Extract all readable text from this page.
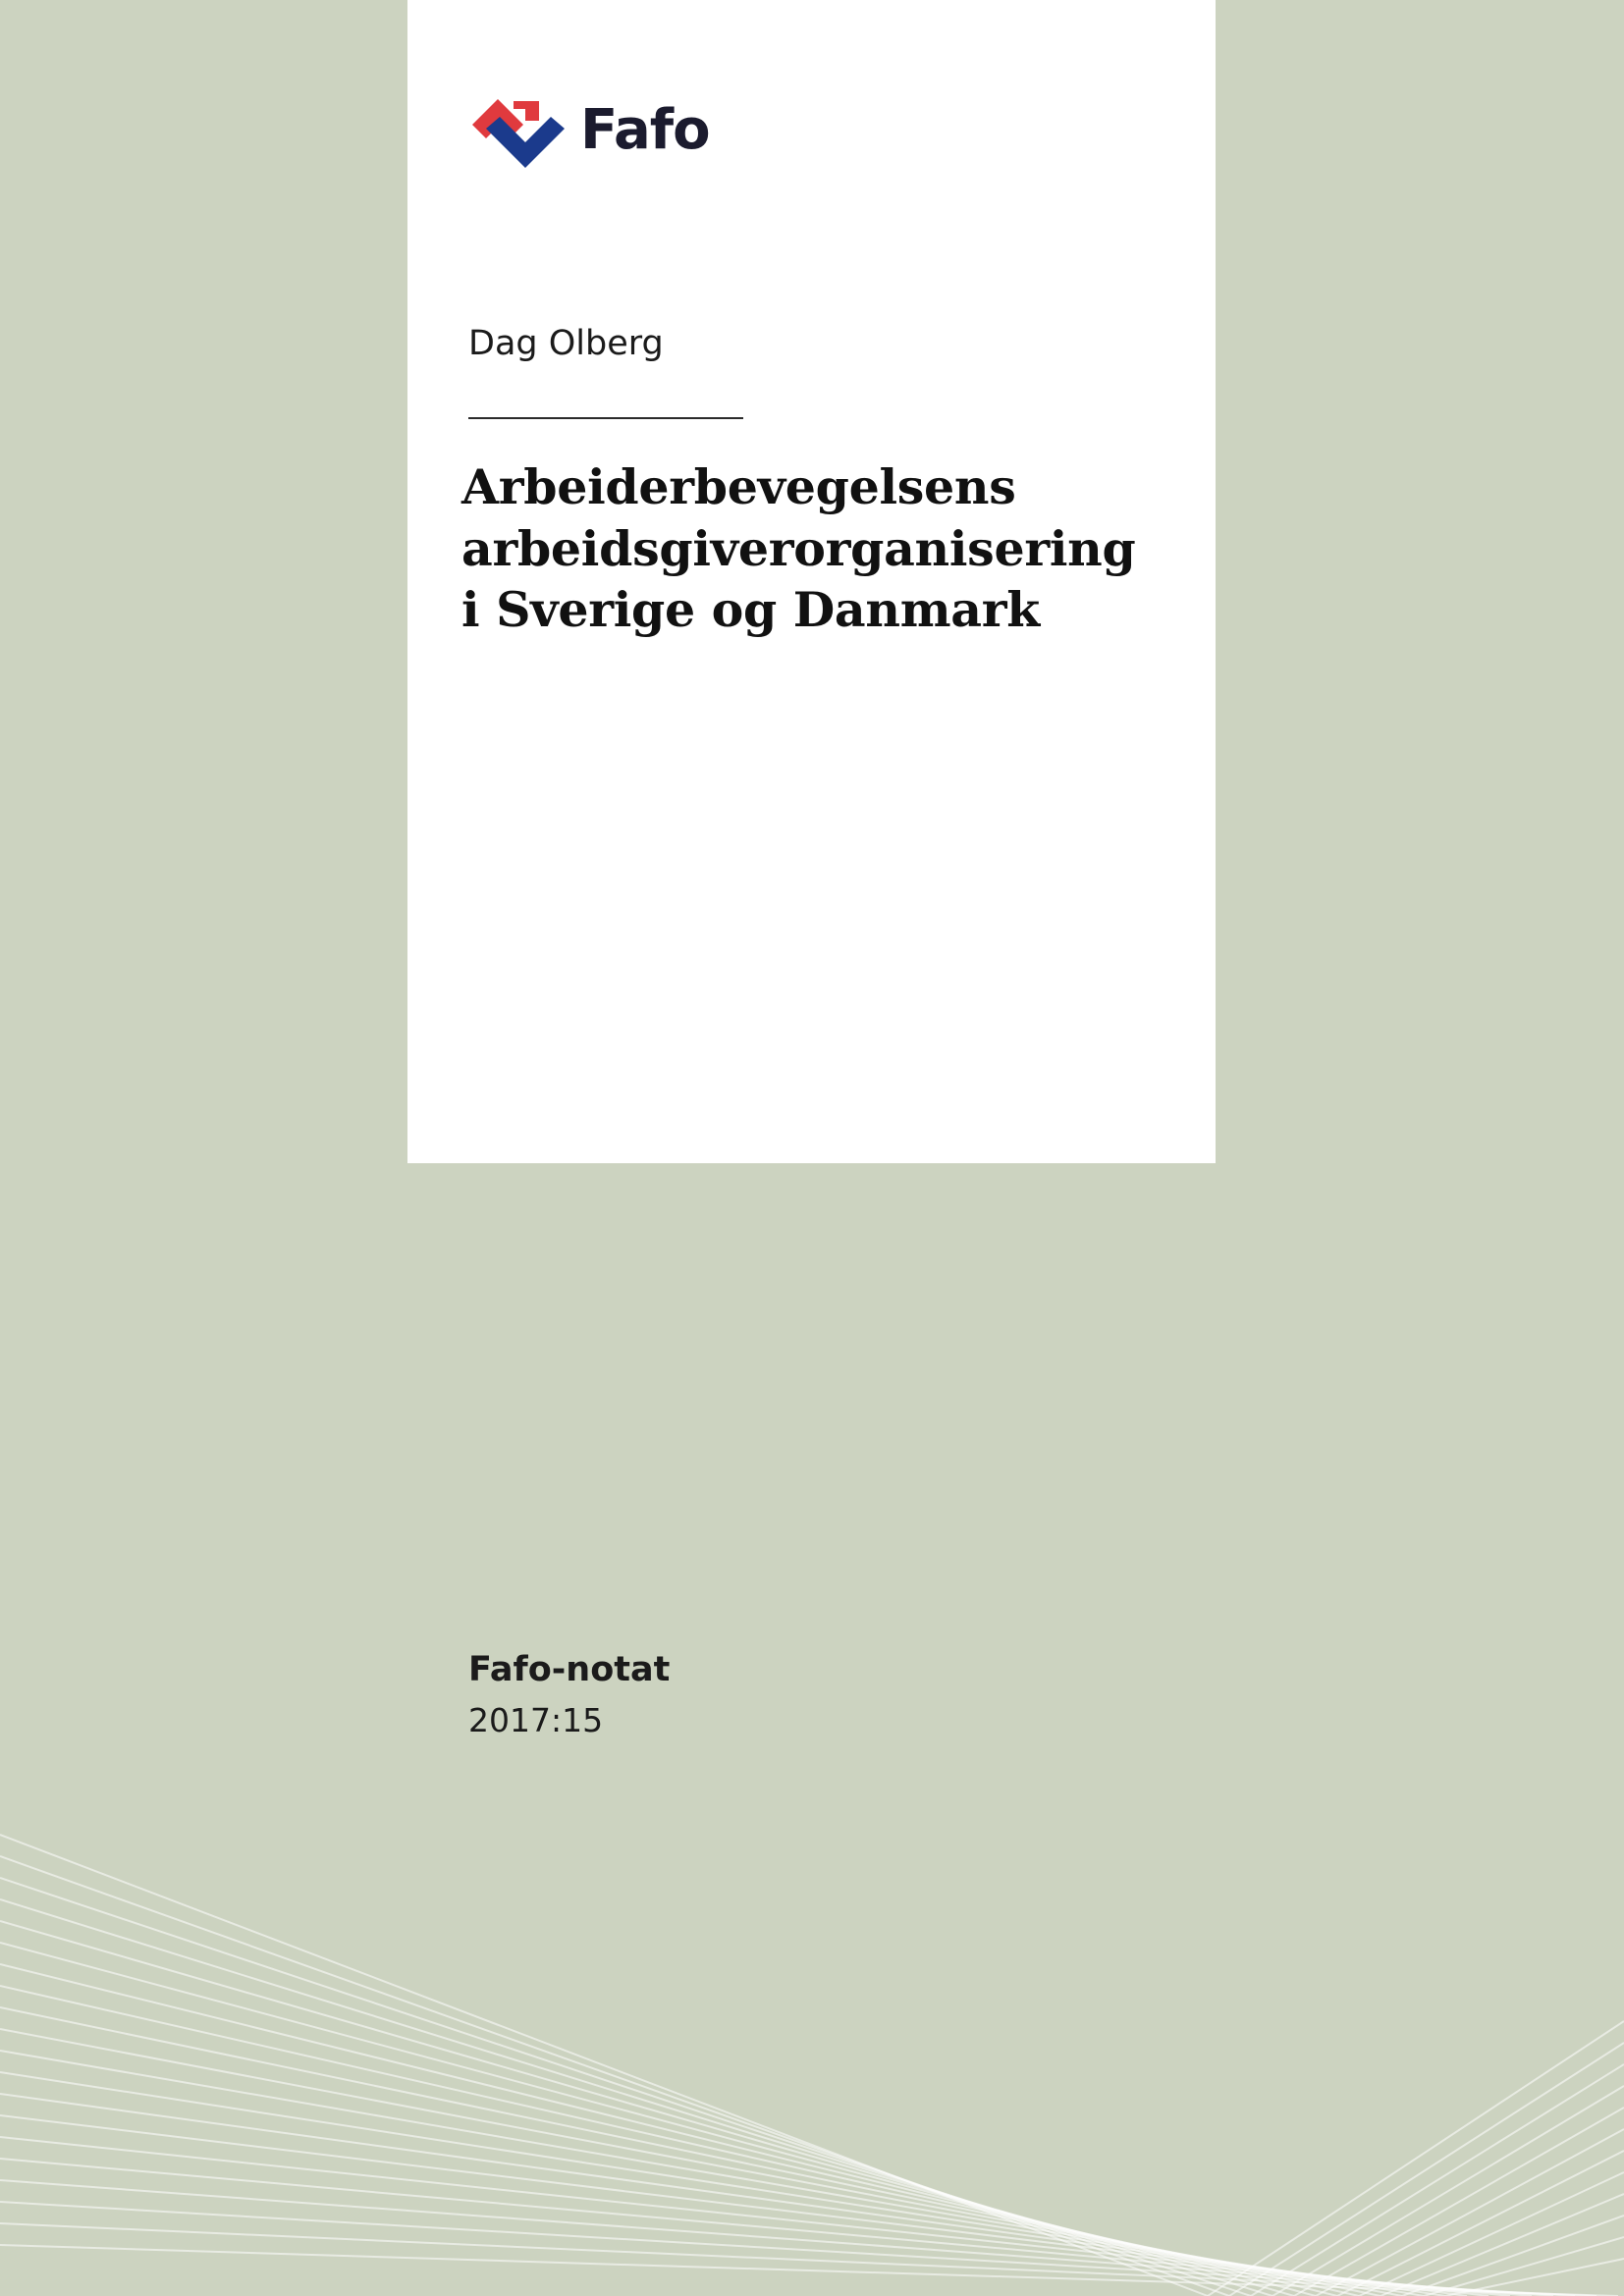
Fafo
Dag Olberg
Arbeiderbevegelsens
arbeidsgiverorganisering
i Sverige og Danmark
Fafo-notat
2017:15
